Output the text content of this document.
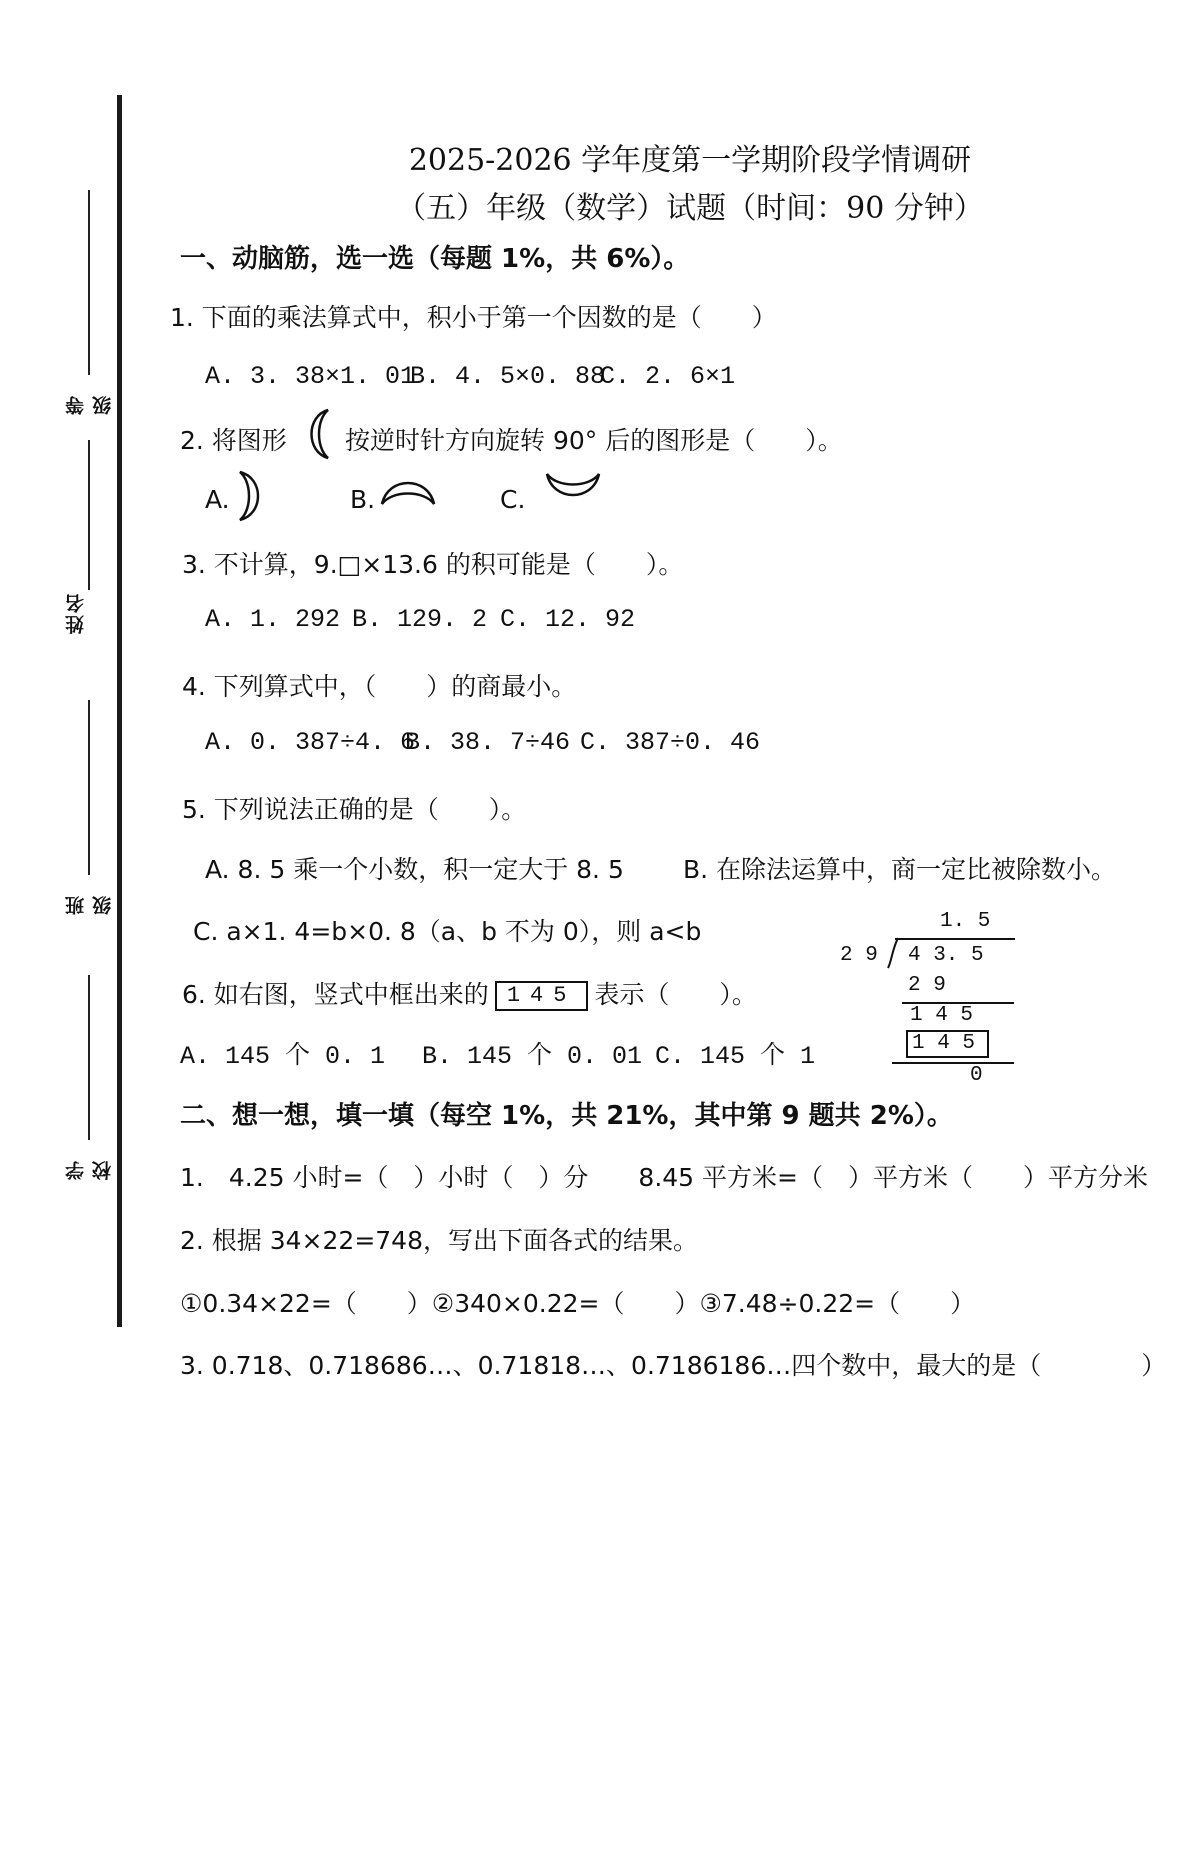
等级
姓名
班级
学校
2025-2026 学年度第一学期阶段学情调研
（五）年级（数学）试题（时间：90 分钟）
一、动脑筋，选一选（每题 1%，共 6%）。
1. 下面的乘法算式中，积小于第一个因数的是（　　）
A. 3. 38×1. 01
B. 4. 5×0. 88
C. 2. 6×1
2. 将图形 按逆时针方向旋转 90° 后的图形是（　　）。
A.	B.	C.
3. 不计算，9.□×13.6 的积可能是（　　）。
A. 1. 292 B. 129. 2 C. 12. 92
4. 下列算式中，（　　）的商最小。
A. 0. 387÷4. 6
B. 38. 7÷46 C. 387÷0. 46
5. 下列说法正确的是（　　）。
A. 8. 5 乘一个小数，积一定大于 8. 5 B. 在除法运算中，商一定比被除数小。
C. a×1. 4=b×0. 8（a、b 不为 0），则 a<b
6. 如右图，竖式中框出来的 145 表示（　　）。
A. 145 个 0. 1 B. 145 个 0. 01 C. 145 个 1
1. 5
2 9 4 3. 5
2 9
1 4 5
1 4 5
0
二、想一想，填一填（每空 1%，共 21%，其中第 9 题共 2%）。
1.　4.25 小时=（　）小时（　）分　　8.45 平方米=（　）平方米（　　）平方分米
2. 根据 34×22=748，写出下面各式的结果。
①0.34×22=（　　）②340×0.22=（　　）③7.48÷0.22=（　　）
3. 0.718、0.718686…、0.71818…、0.7186186…四个数中，最大的是（　　　　）
